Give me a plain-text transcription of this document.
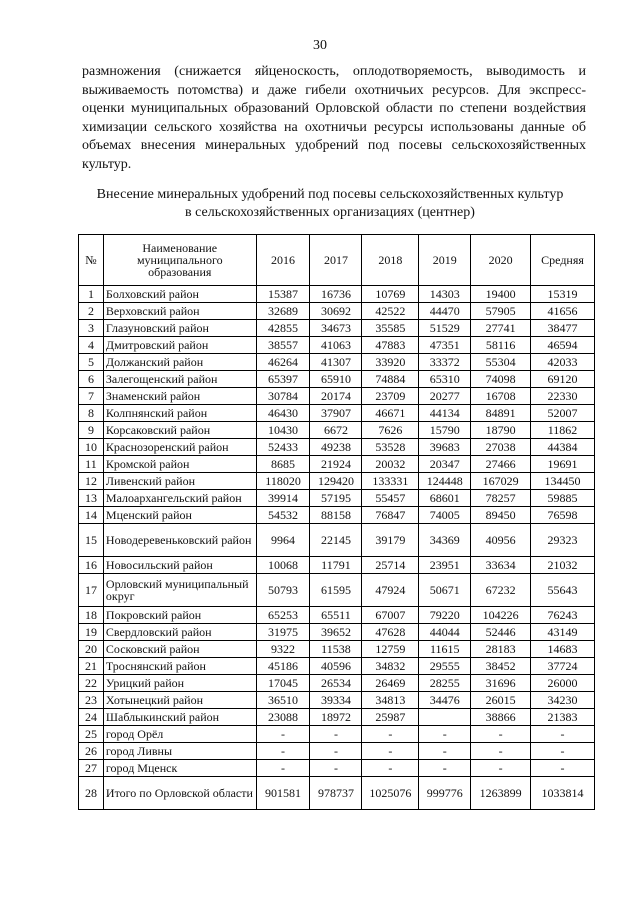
30

размножения (снижается яйценоскость, оплодотворяемость, выводимость и выживаемость потомства) и даже гибели охотничьих ресурсов. Для экспресс-оценки муниципальных образований Орловской области по степени воздействия химизации сельского хозяйства на охотничьи ресурсы использованы данные об объемах внесения минеральных удобрений под посевы сельскохозяйственных культур.

Внесение минеральных удобрений под посевы сельскохозяйственных культур
в сельскохозяйственных организациях (центнер)
№	Наименование муниципального образования	2016	2017	2018	2019	2020	Средняя
1	Болховский район	15387	16736	10769	14303	19400	15319
2	Верховский район	32689	30692	42522	44470	57905	41656
3	Глазуновский район	42855	34673	35585	51529	27741	38477
4	Дмитровский район	38557	41063	47883	47351	58116	46594
5	Должанский район	46264	41307	33920	33372	55304	42033
6	Залегощенский район	65397	65910	74884	65310	74098	69120
7	Знаменский район	30784	20174	23709	20277	16708	22330
8	Колпнянский район	46430	37907	46671	44134	84891	52007
9	Корсаковский район	10430	6672	7626	15790	18790	11862
10	Краснозоренский район	52433	49238	53528	39683	27038	44384
11	Кромской район	8685	21924	20032	20347	27466	19691
12	Ливенский район	118020	129420	133331	124448	167029	134450
13	Малоархангельский район	39914	57195	55457	68601	78257	59885
14	Мценский район	54532	88158	76847	74005	89450	76598
15	Новодеревеньковский район	9964	22145	39179	34369	40956	29323
16	Новосильский район	10068	11791	25714	23951	33634	21032
17	Орловский муниципальный округ	50793	61595	47924	50671	67232	55643
18	Покровский район	65253	65511	67007	79220	104226	76243
19	Свердловский район	31975	39652	47628	44044	52446	43149
20	Сосковский район	9322	11538	12759	11615	28183	14683
21	Троснянский район	45186	40596	34832	29555	38452	37724
22	Урицкий район	17045	26534	26469	28255	31696	26000
23	Хотынецкий район	36510	39334	34813	34476	26015	34230
24	Шаблыкинский район	23088	18972	25987		38866	21383
25	город Орёл	-	-	-	-	-	-
26	город Ливны	-	-	-	-	-	-
27	город Мценск	-	-	-	-	-	-
28	Итого по Орловской области	901581	978737	1025076	999776	1263899	1033814
